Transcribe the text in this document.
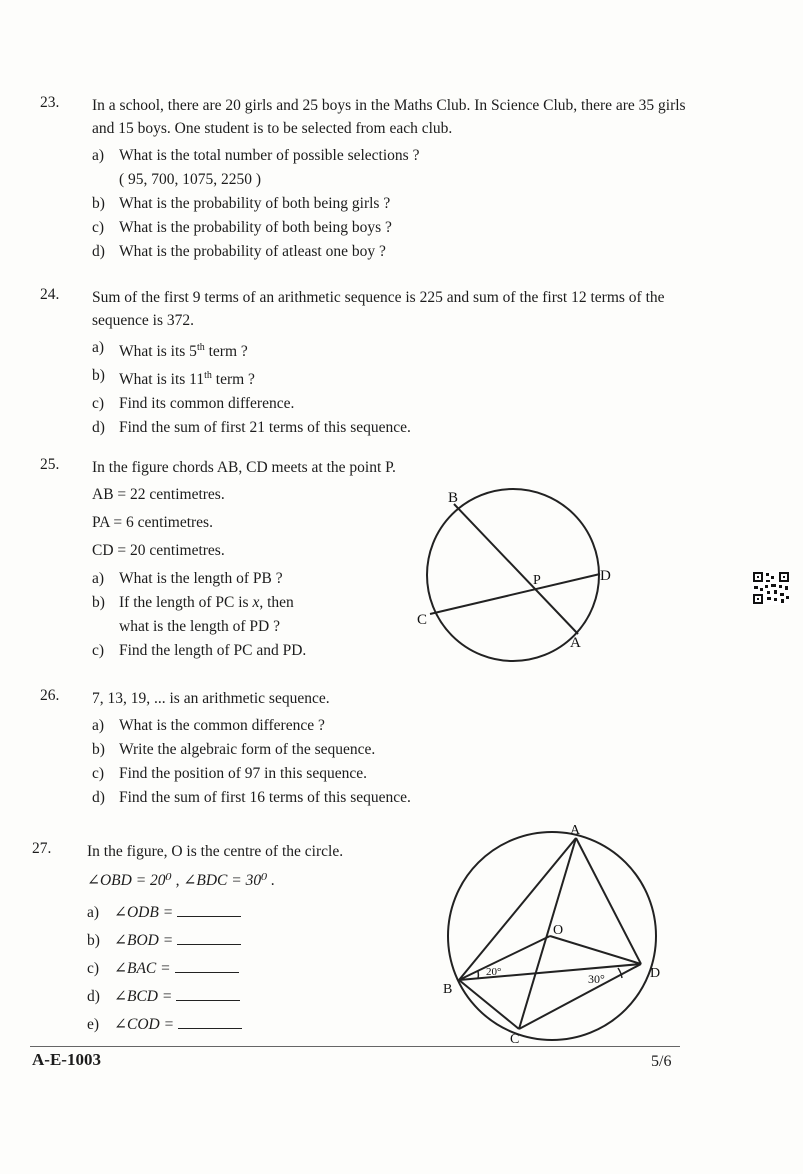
23.	In a school, there are 20 girls and 25 boys in the Maths Club. In Science Club, there are 35 girls and 15 boys. One student is to be selected from each club.
a) What is the total number of possible selections ?
( 95, 700, 1075, 2250 )
b) What is the probability of both being girls ?
c) What is the probability of both being boys ?
d) What is the probability of atleast one boy ?
24.	Sum of the first 9 terms of an arithmetic sequence is 225 and sum of the first 12 terms of the sequence is 372.
a) What is its 5th term ?
b) What is its 11th term ?
c) Find its common difference.
d) Find the sum of first 21 terms of this sequence.
25.	In the figure chords AB, CD meets at the point P.
AB = 22 centimetres.
PA = 6 centimetres.
CD = 20 centimetres.
a) What is the length of PB ?
b) If the length of PC is x, then
what is the length of PD ?
c) Find the length of PC and PD.
B
P	D
C
A
26.	7, 13, 19, ... is an arithmetic sequence.
a) What is the common difference ?
b) Write the algebraic form of the sequence.
c) Find the position of 97 in this sequence.
d) Find the sum of first 16 terms of this sequence.
27.	In the figure, O is the centre of the circle.
∠OBD = 20⁰ , ∠BDC = 30⁰ .
a) ∠ODB =
b) ∠BOD =
c) ∠BAC =
d) ∠BCD =
e) ∠COD =
A
O
B
D
C
20°	30°
A-E-1003	5/6
